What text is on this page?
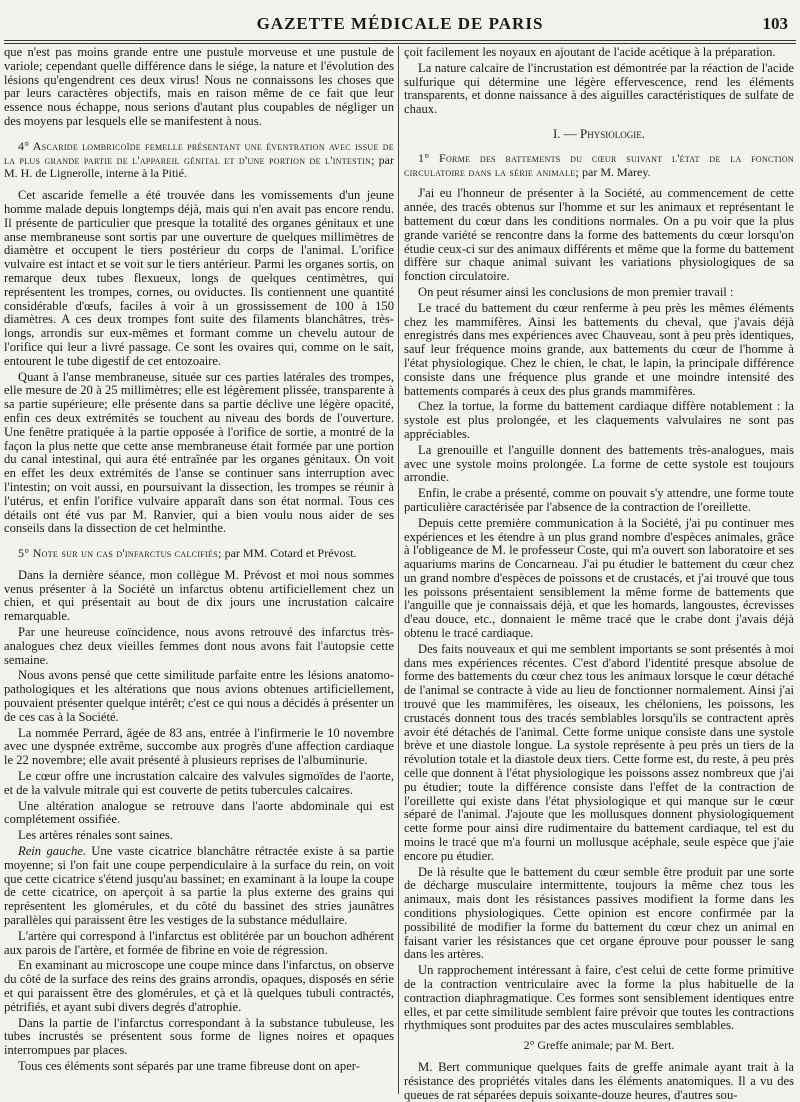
GAZETTE MÉDICALE DE PARIS	103

que n'est pas moins grande entre une pustule morveuse et une pustule de variole; cependant quelle différence dans le siége, la nature et l'évolution des lésions qu'engendrent ces deux virus! Nous ne connaissons les choses que par leurs caractères objectifs, mais en raison même de ce fait que leur essence nous échappe, nous serions d'autant plus coupables de négliger un des moyens par lesquels elle se manifestent à nous.

4° Ascaride lombricoïde femelle présentant une éventration avec issue de la plus grande partie de l'appareil génital et d'une portion de l'intestin; par M. H. de Lignerolle, interne à la Pitié.

Cet ascaride femelle a été trouvée dans les vomissements d'un jeune homme malade depuis longtemps déjà, mais qui n'en avait pas encore rendu. Il présente de particulier que presque la totalité des organes génitaux et une anse membraneuse sont sortis par une ouverture de quelques millimètres de diamètre et occupent le tiers postérieur du corps de l'animal. L'orifice vulvaire est intact et se voit sur le tiers antérieur. Parmi les organes sortis, on remarque deux tubes flexueux, longs de quelques centimètres, qui représentent les trompes, cornes, ou oviductes. Ils contiennent une quantité considérable d'œufs, faciles à voir à un grossissement de 100 à 150 diamètres. A ces deux trompes font suite des filaments blanchâtres, très-longs, arrondis sur eux-mêmes et formant comme un chevelu autour de l'orifice qui leur a livré passage. Ce sont les ovaires qui, comme on le sait, entourent le tube digestif de cet entozoaire.

Quant à l'anse membraneuse, située sur ces parties latérales des trompes, elle mesure de 20 à 25 millimètres; elle est légèrement plissée, transparente à sa partie supérieure; elle présente dans sa partie déclive une légère opacité, enfin ces deux extrémités se touchent au niveau des bords de l'ouverture. Une fenêtre pratiquée à la partie opposée à l'orifice de sortie, a montré de la façon la plus nette que cette anse membraneuse était formée par une portion du canal intestinal, qui aura été entraînée par les organes génitaux. On voit en effet les deux extrémités de l'anse se continuer sans interruption avec l'intestin; on voit aussi, en poursuivant la dissection, les trompes se réunir à l'utérus, et enfin l'orifice vulvaire apparaît dans son état normal. Tous ces détails ont été vus par M. Ranvier, qui a bien voulu nous aider de ses conseils dans la dissection de cet helminthe.

5° Note sur un cas d'infarctus calcifiés; par MM. Cotard et Prévost.

Dans la dernière séance, mon collègue M. Prévost et moi nous sommes venus présenter à la Société un infarctus obtenu artificiellement chez un chien, et qui présentait au bout de dix jours une incrustation calcaire remarquable.

Par une heureuse coïncidence, nous avons retrouvé des infarctus très-analogues chez deux vieilles femmes dont nous avons fait l'autopsie cette semaine.

Nous avons pensé que cette similitude parfaite entre les lésions anatomo-pathologiques et les altérations que nous avions obtenues artificiellement, pouvaient présenter quelque intérêt; c'est ce qui nous a décidés à présenter un de ces cas à la Société.

La nommée Perrard, âgée de 83 ans, entrée à l'infirmerie le 10 novembre avec une dyspnée extrême, succombe aux progrès d'une affection cardiaque le 22 novembre; elle avait présenté à plusieurs reprises de l'albuminurie.

Le cœur offre une incrustation calcaire des valvules sigmoïdes de l'aorte, et de la valvule mitrale qui est couverte de petits tubercules calcaires.

Une altération analogue se retrouve dans l'aorte abdominale qui est complétement ossifiée.

Les artères rénales sont saines.

Rein gauche. Une vaste cicatrice blanchâtre rétractée existe à sa partie moyenne; si l'on fait une coupe perpendiculaire à la surface du rein, on voit que cette cicatrice s'étend jusqu'au bassinet; en examinant à la loupe la coupe de cette cicatrice, on aperçoit à sa partie la plus externe des grains qui représentent les glomérules, et du côté du bassinet des stries jaunâtres parallèles qui paraissent être les vestiges de la substance médullaire.

L'artère qui correspond à l'infarctus est oblitérée par un bouchon adhérent aux parois de l'artère, et formée de fibrine en voie de régression.

En examinant au microscope une coupe mince dans l'infarctus, on observe du côté de la surface des reins des grains arrondis, opaques, disposés en série et qui paraissent être des glomérules, et çà et là quelques tubuli contractés, pétrifiés, et ayant subi divers degrés d'atrophie.

Dans la partie de l'infarctus correspondant à la substance tubuleuse, les tubes incrustés se présentent sous forme de lignes noires et opaques interrompues par places.

Tous ces éléments sont séparés par une trame fibreuse dont on aper-

çoit facilement les noyaux en ajoutant de l'acide acétique à la préparation.

La nature calcaire de l'incrustation est démontrée par la réaction de l'acide sulfurique qui détermine une légère effervescence, rend les éléments transparents, et donne naissance à des aiguilles caractéristiques de sulfate de chaux.

I. — Physiologie.
1° Forme des battements du cœur suivant l'état de la fonction circulatoire dans la série animale; par M. Marey.

J'ai eu l'honneur de présenter à la Société, au commencement de cette année, des tracés obtenus sur l'homme et sur les animaux et représentant le battement du cœur dans les conditions normales. On a pu voir que la plus grande variété se rencontre dans la forme des battements du cœur lorsqu'on étudie ceux-ci sur des animaux différents et même que la forme du battement diffère sur chaque animal suivant les variations physiologiques de sa fonction circulatoire.

On peut résumer ainsi les conclusions de mon premier travail :

Le tracé du battement du cœur renferme à peu près les mêmes éléments chez les mammifères. Ainsi les battements du cheval, que j'avais déjà enregistrés dans mes expériences avec Chauveau, sont à peu près identiques, sauf leur fréquence moins grande, aux battements du cœur de l'homme à l'état physiologique. Chez le chien, le chat, le lapin, la principale différence consiste dans une fréquence plus grande et une moindre intensité des battements comparés à ceux des plus grands mammifères.

Chez la tortue, la forme du battement cardiaque diffère notablement : la systole est plus prolongée, et les claquements valvulaires ne sont pas appréciables.

La grenouille et l'anguille donnent des battements très-analogues, mais avec une systole moins prolongée. La forme de cette systole est toujours arrondie.

Enfin, le crabe a présenté, comme on pouvait s'y attendre, une forme toute particulière caractérisée par l'absence de la contraction de l'oreillette.

Depuis cette première communication à la Société, j'ai pu continuer mes expériences et les étendre à un plus grand nombre d'espèces animales, grâce à l'obligeance de M. le professeur Coste, qui m'a ouvert son laboratoire et ses aquariums marins de Concarneau. J'ai pu étudier le battement du cœur chez un grand nombre d'espèces de poissons et de crustacés, et j'ai trouvé que tous les poissons présentaient sensiblement la même forme de battements que l'anguille que je connaissais déjà, et que les homards, langoustes, écrevisses d'eau douce, etc., donnaient le même tracé que le crabe dont j'avais déjà obtenu le tracé cardiaque.

Des faits nouveaux et qui me semblent importants se sont présentés à moi dans mes expériences récentes. C'est d'abord l'identité presque absolue de forme des battements du cœur chez tous les animaux lorsque le cœur détaché de l'animal se contracte à vide au lieu de fonctionner normalement. Ainsi j'ai trouvé que les mammifères, les oiseaux, les chéloniens, les poissons, les crustacés donnent tous des tracés semblables lorsqu'ils se contractent après avoir été détachés de l'animal. Cette forme unique consiste dans une systole brève et une diastole longue. La systole représente à peu près un tiers de la révolution totale et la diastole deux tiers. Cette forme est, du reste, à peu près celle que donnent à l'état physiologique les poissons assez nombreux que j'ai pu étudier; toute la différence consiste dans l'effet de la contraction de l'oreillette qui existe dans l'état physiologique et qui manque sur le cœur séparé de l'animal. J'ajoute que les mollusques donnent physiologiquement cette forme pour ainsi dire rudimentaire du battement cardiaque, tel est du moins le tracé que m'a fourni un mollusque acéphale, seule espèce que j'aie encore pu étudier.

De là résulte que le battement du cœur semble être produit par une sorte de décharge musculaire intermittente, toujours la même chez tous les animaux, mais dont les résistances passives modifient la forme dans les conditions physiologiques. Cette opinion est encore confirmée par la possibilité de modifier la forme du battement du cœur chez un animal en faisant varier les résistances que cet organe éprouve pour pousser le sang dans les artères.

Un rapprochement intéressant à faire, c'est celui de cette forme primitive de la contraction ventriculaire avec la forme la plus habituelle de la contraction diaphragmatique. Ces formes sont sensiblement identiques entre elles, et par cette similitude semblent faire prévoir que toutes les contractions rhythmiques sont produites par des actes musculaires semblables.

2° Greffe animale; par M. Bert.

M. Bert communique quelques faits de greffe animale ayant trait à la résistance des propriétés vitales dans les éléments anatomiques. Il a vu des queues de rat séparées depuis soixante-douze heures, d'autres sou-
